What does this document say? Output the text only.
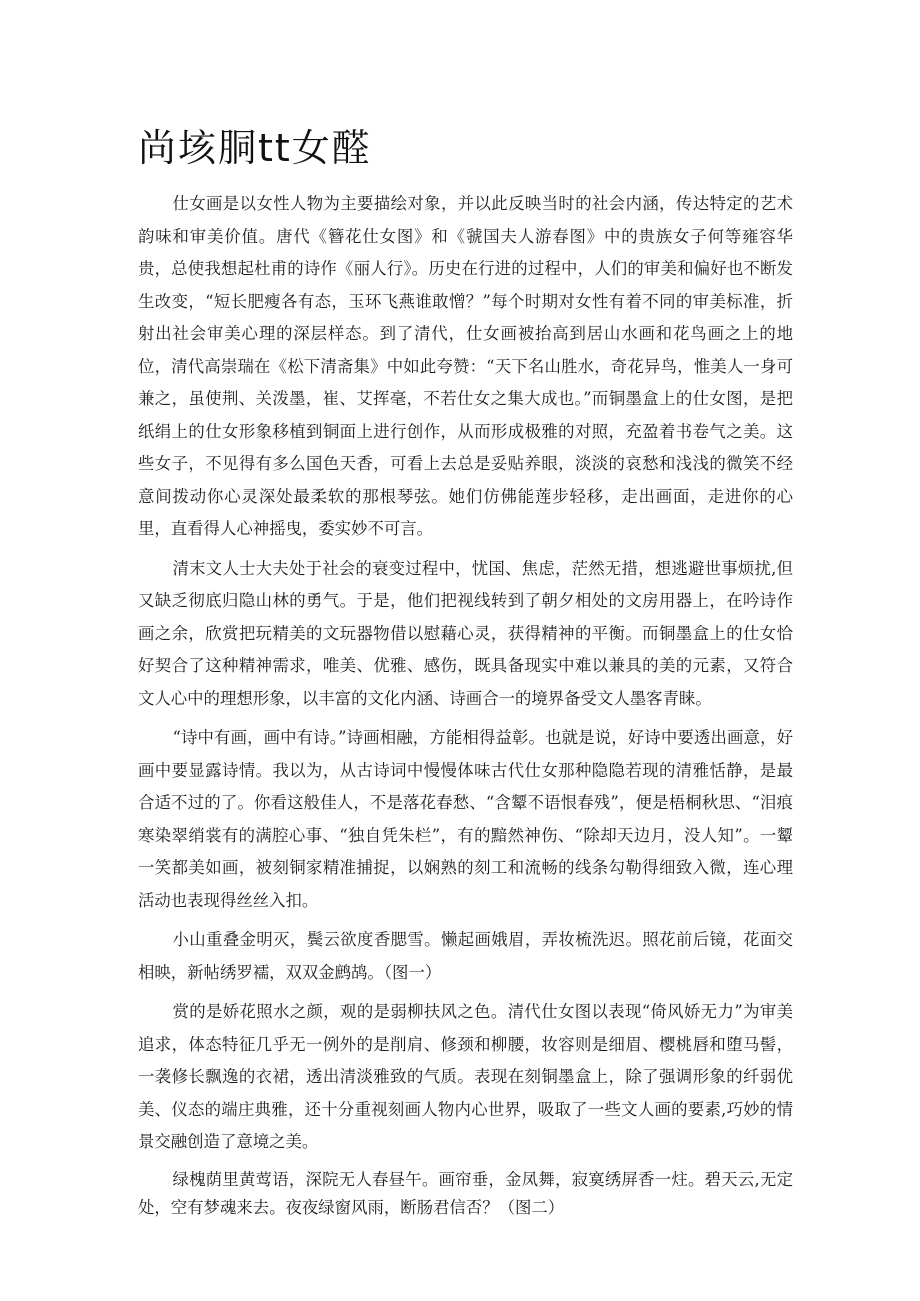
尚垓胴tt女醛

仕女画是以女性人物为主要描绘对象，并以此反映当时的社会内涵，传达特定的艺术韵味和审美价值。唐代《簪花仕女图》和《虢国夫人游春图》中的贵族女子何等雍容华贵，总使我想起杜甫的诗作《丽人行》。历史在行进的过程中，人们的审美和偏好也不断发生改变，“短长肥瘦各有态，玉环飞燕谁敢憎？”每个时期对女性有着不同的审美标准，折射出社会审美心理的深层样态。到了清代，仕女画被抬高到居山水画和花鸟画之上的地位，清代高崇瑞在《松下清斋集》中如此夸赞：“天下名山胜水，奇花异鸟，惟美人一身可兼之，虽使荆、关泼墨，崔、艾挥毫，不若仕女之集大成也。”而铜墨盒上的仕女图，是把纸绢上的仕女形象移植到铜面上进行创作，从而形成极雅的对照，充盈着书卷气之美。这些女子，不见得有多么国色天香，可看上去总是妥贴养眼，淡淡的哀愁和浅浅的微笑不经意间拨动你心灵深处最柔软的那根琴弦。她们仿佛能莲步轻移，走出画面，走进你的心里，直看得人心神摇曳，委实妙不可言。

清末文人士大夫处于社会的衰变过程中，忧国、焦虑，茫然无措，想逃避世事烦扰,但又缺乏彻底归隐山林的勇气。于是，他们把视线转到了朝夕相处的文房用器上，在吟诗作画之余，欣赏把玩精美的文玩器物借以慰藉心灵，获得精神的平衡。而铜墨盒上的仕女恰好契合了这种精神需求，唯美、优雅、感伤，既具备现实中难以兼具的美的元素，又符合文人心中的理想形象，以丰富的文化内涵、诗画合一的境界备受文人墨客青睐。

“诗中有画，画中有诗。”诗画相融，方能相得益彰。也就是说，好诗中要透出画意，好画中要显露诗情。我以为，从古诗词中慢慢体味古代仕女那种隐隐若现的清雅恬静，是最合适不过的了。你看这般佳人，不是落花春愁、“含颦不语恨春残”，便是梧桐秋思、“泪痕寒染翠绡裳有的满腔心事、“独自凭朱栏”，有的黯然神伤、“除却天边月，没人知”。一颦一笑都美如画，被刻铜家精准捕捉，以娴熟的刻工和流畅的线条勾勒得细致入微，连心理活动也表现得丝丝入扣。

小山重叠金明灭，鬓云欲度香腮雪。懒起画娥眉，弄妆梳洗迟。照花前后镜，花面交相映，新帖绣罗襦，双双金鹧鸪。（图一）

赏的是娇花照水之颜，观的是弱柳扶风之色。清代仕女图以表现“倚风娇无力”为审美追求，体态特征几乎无一例外的是削肩、修颈和柳腰，妆容则是细眉、樱桃唇和堕马髻，一袭修长飘逸的衣裙，透出清淡雅致的气质。表现在刻铜墨盒上，除了强调形象的纤弱优美、仪态的端庄典雅，还十分重视刻画人物内心世界，吸取了一些文人画的要素,巧妙的情景交融创造了意境之美。

绿槐荫里黄莺语，深院无人春昼午。画帘垂，金凤舞，寂寞绣屏香一炷。碧天云,无定处，空有梦魂来去。夜夜绿窗风雨，断肠君信否？（图二）
